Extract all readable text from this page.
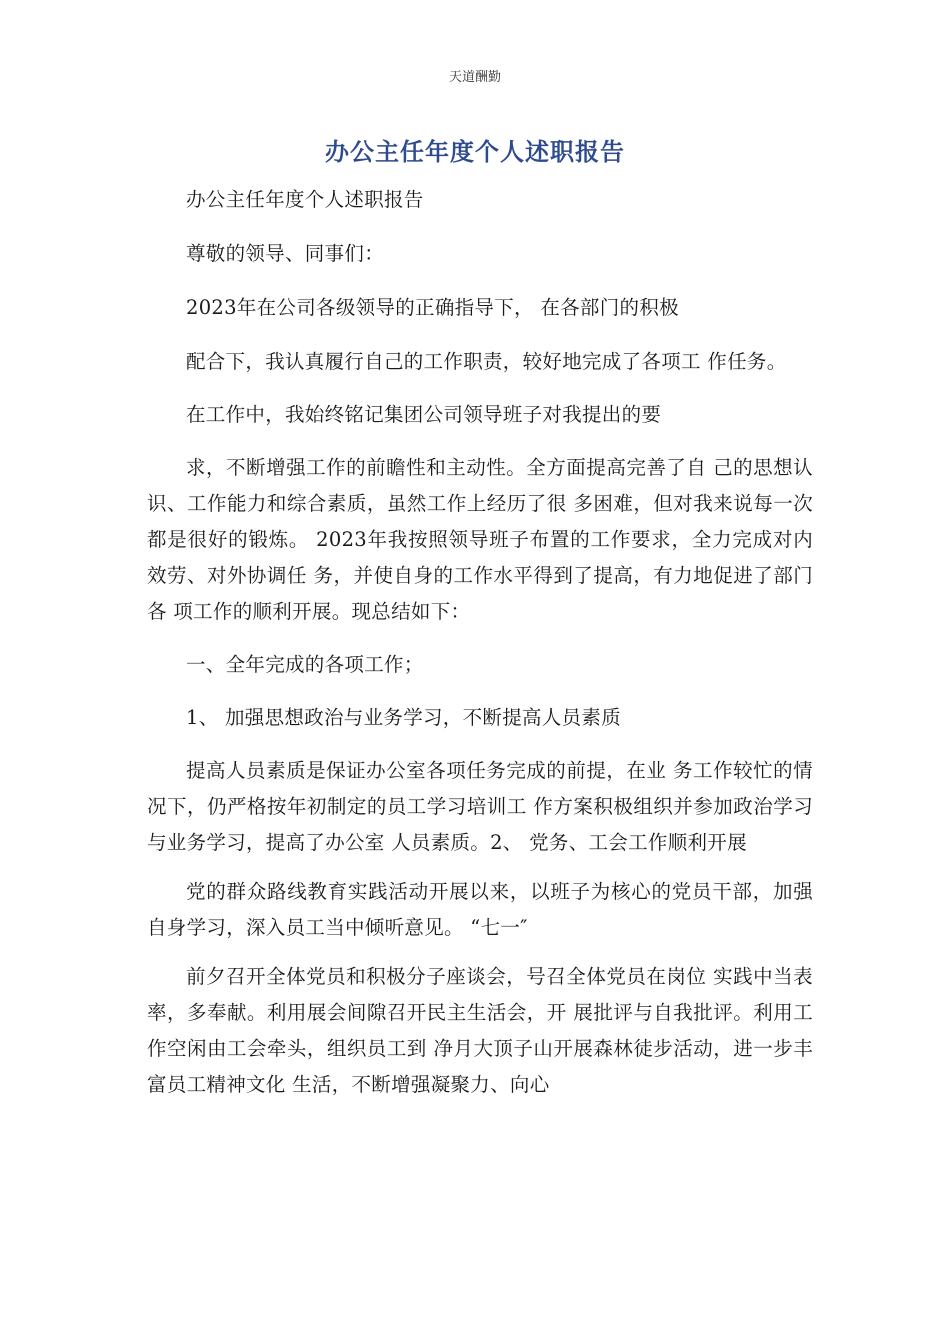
天道酬勤
办公主任年度个人述职报告

办公主任年度个人述职报告

尊敬的领导、同事们：

2023年在公司各级领导的正确指导下， 在各部门的积极

配合下，我认真履行自己的工作职责，较好地完成了各项工 作任务。

在工作中，我始终铭记集团公司领导班子对我提出的要

求，不断增强工作的前瞻性和主动性。全方面提高完善了自 己的思想认识、工作能力和综合素质，虽然工作上经历了很 多困难，但对我来说每一次都是很好的锻炼。 2023年我按照领导班子布置的工作要求，全力完成对内效劳、对外协调任 务，并使自身的工作水平得到了提高，有力地促进了部门各 项工作的顺利开展。现总结如下：

一、全年完成的各项工作；

1、 加强思想政治与业务学习，不断提高人员素质

提高人员素质是保证办公室各项任务完成的前提，在业 务工作较忙的情况下，仍严格按年初制定的员工学习培训工 作方案积极组织并参加政治学习与业务学习，提高了办公室 人员素质。2、 党务、工会工作顺利开展

党的群众路线教育实践活动开展以来，以班子为核心的党员干部，加强自身学习，深入员工当中倾听意见。 “七一″

前夕召开全体党员和积极分子座谈会，号召全体党员在岗位 实践中当表率，多奉献。利用展会间隙召开民主生活会，开 展批评与自我批评。利用工作空闲由工会牵头，组织员工到 净月大顶子山开展森林徒步活动，进一步丰富员工精神文化 生活，不断增强凝聚力、向心
